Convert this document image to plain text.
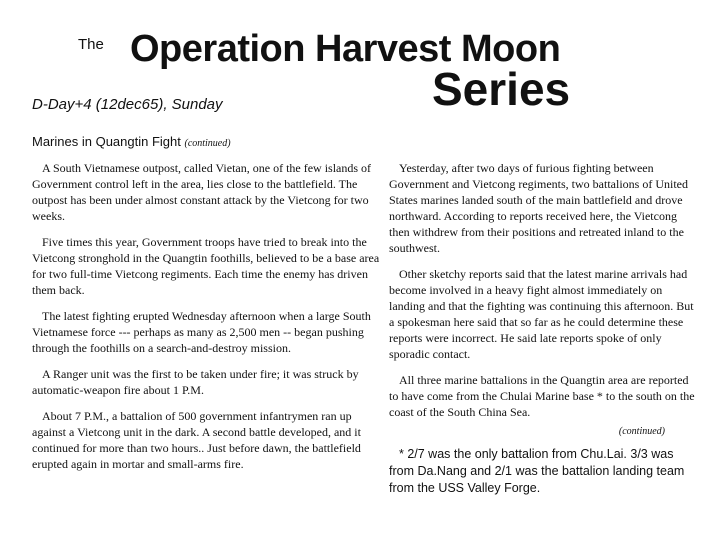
The Operation Harvest Moon
Series
D-Day+4 (12dec65), Sunday
Marines in Quangtin Fight (continued)

A South Vietnamese outpost, called Vietan, one of the few islands of Government control left in the area, lies close to the battlefield. The outpost has been under almost constant attack by the Vietcong for two weeks.

Five times this year, Government troops have tried to break into the Vietcong stronghold in the Quangtin foothills, believed to be a base area for two full-time Vietcong regiments. Each time the enemy has driven them back.

The latest fighting erupted Wednesday afternoon when a large South Vietnamese force --- perhaps as many as 2,500 men -- began pushing through the foothills on a search-and-destroy mission.

A Ranger unit was the first to be taken under fire; it was struck by automatic-weapon fire about 1 P.M.

About 7 P.M., a battalion of 500 government infantrymen ran up against a Vietcong unit in the dark. A second battle developed, and it continued for more than two hours.. Just before dawn, the battlefield erupted again in mortar and small-arms fire.

Yesterday, after two days of furious fighting between Government and Vietcong regiments, two battalions of United States marines landed south of the main battlefield and drove northward. According to reports received here, the Vietcong then withdrew from their positions and retreated inland to the southwest.

Other sketchy reports said that the latest marine arrivals had become involved in a heavy fight almost immediately on landing and that the fighting was continuing this afternoon. But a spokesman here said that so far as he could determine these reports were incorrect. He said late reports spoke of only sporadic contact.

All three marine battalions in the Quangtin area are reported to have come from the Chulai Marine base * to the south on the coast of the South China Sea.

(continued)

* 2/7 was the only battalion from Chu.Lai. 3/3 was from Da.Nang and 2/1 was the battalion landing team from the USS Valley Forge.
